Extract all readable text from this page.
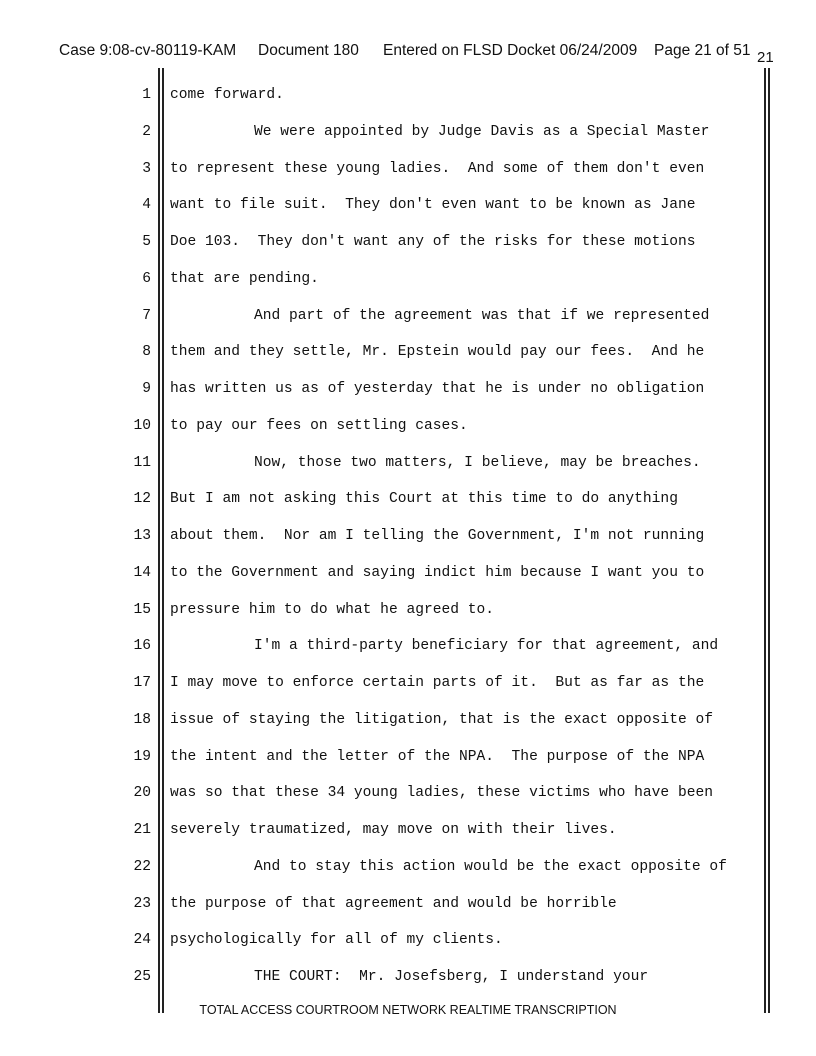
Case 9:08-cv-80119-KAM Document 180 Entered on FLSD Docket 06/24/2009 Page 21 of 51 21
1 come forward.
2	We were appointed by Judge Davis as a Special Master
3 to represent these young ladies.  And some of them don't even
4 want to file suit.  They don't even want to be known as Jane
5 Doe 103.  They don't want any of the risks for these motions
6 that are pending.
7	And part of the agreement was that if we represented
8 them and they settle, Mr. Epstein would pay our fees.  And he
9 has written us as of yesterday that he is under no obligation
10 to pay our fees on settling cases.
11	Now, those two matters, I believe, may be breaches.
12 But I am not asking this Court at this time to do anything
13 about them.  Nor am I telling the Government, I'm not running
14 to the Government and saying indict him because I want you to
15 pressure him to do what he agreed to.
16	I'm a third-party beneficiary for that agreement, and
17 I may move to enforce certain parts of it.  But as far as the
18 issue of staying the litigation, that is the exact opposite of
19 the intent and the letter of the NPA.  The purpose of the NPA
20 was so that these 34 young ladies, these victims who have been
21 severely traumatized, may move on with their lives.
22	And to stay this action would be the exact opposite of
23 the purpose of that agreement and would be horrible
24 psychologically for all of my clients.
25	THE COURT:  Mr. Josefsberg, I understand your
TOTAL ACCESS COURTROOM NETWORK REALTIME TRANSCRIPTION
